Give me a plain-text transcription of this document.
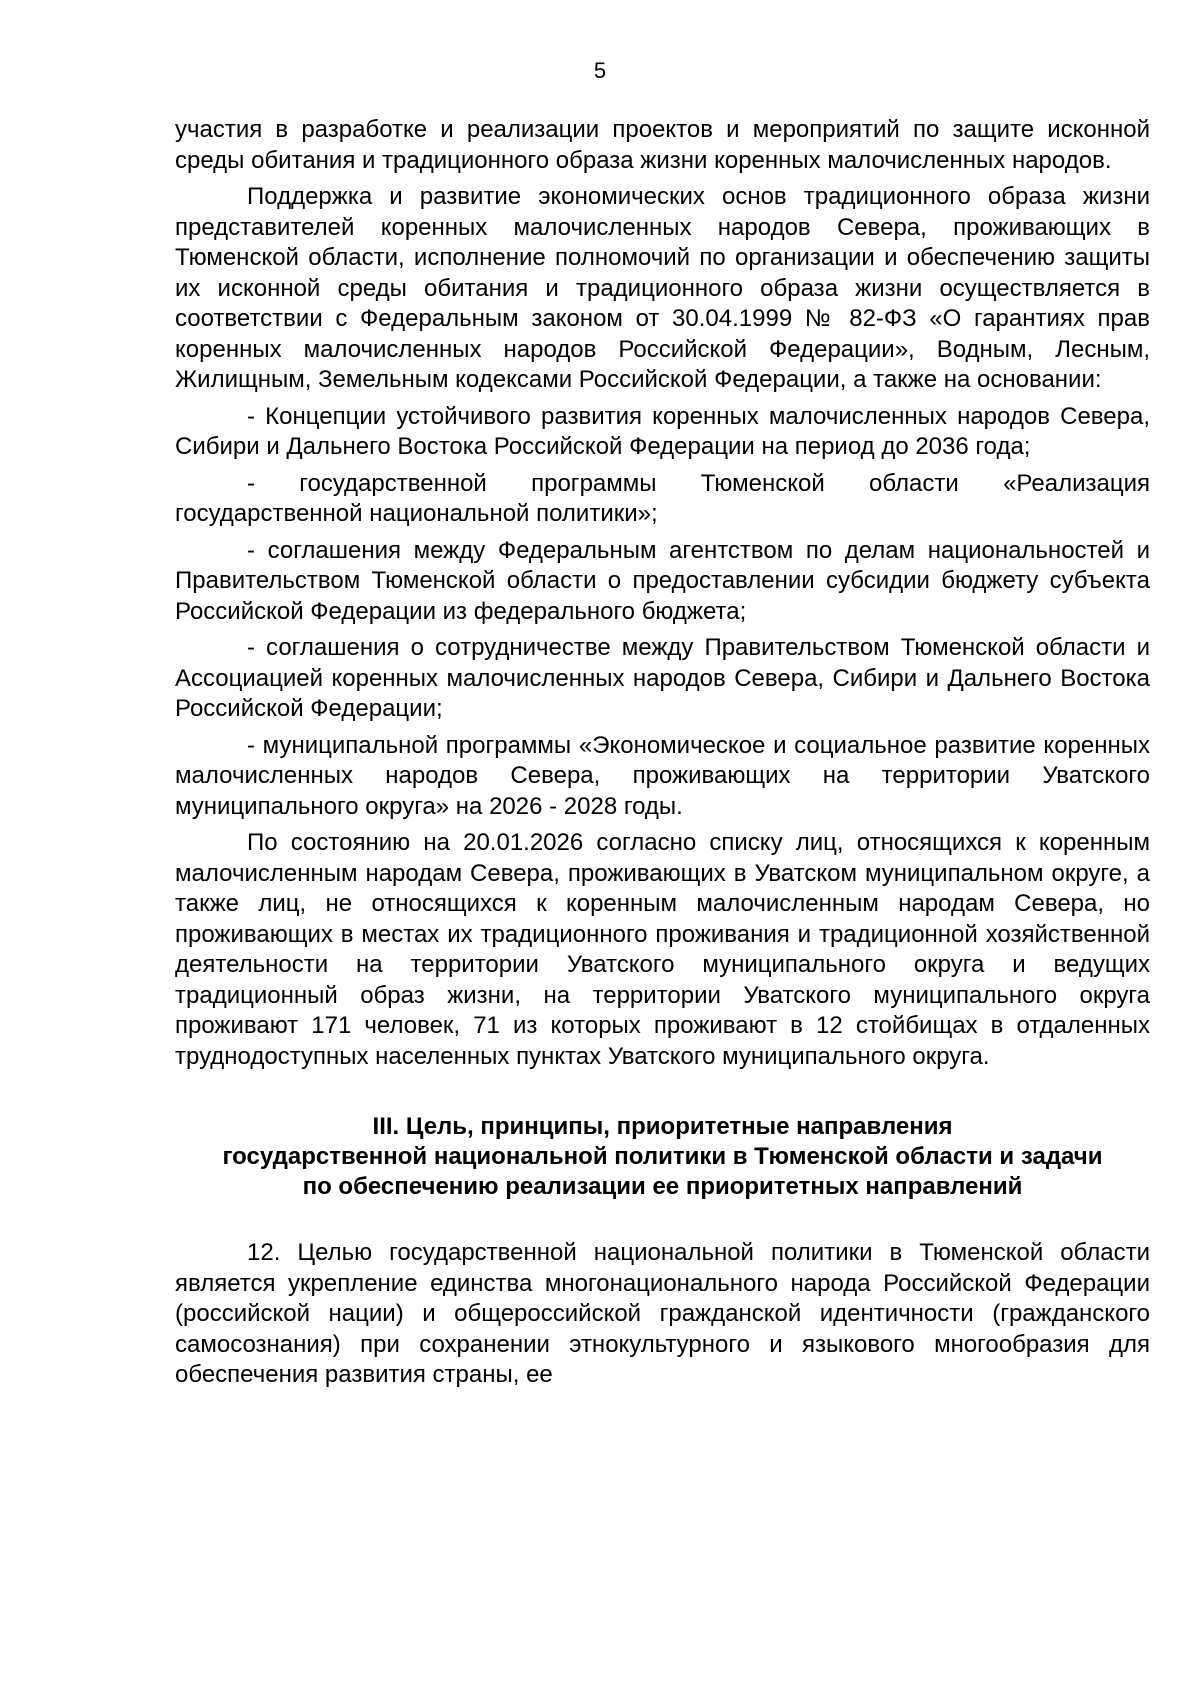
5

участия в разработке и реализации проектов и мероприятий по защите исконной среды обитания и традиционного образа жизни коренных малочисленных народов.

Поддержка и развитие экономических основ традиционного образа жизни представителей коренных малочисленных народов Севера, проживающих в Тюменской области, исполнение полномочий по организации и обеспечению защиты их исконной среды обитания и традиционного образа жизни осуществляется в соответствии с Федеральным законом от 30.04.1999 № 82-ФЗ «О гарантиях прав коренных малочисленных народов Российской Федерации», Водным, Лесным, Жилищным, Земельным кодексами Российской Федерации, а также на основании:

- Концепции устойчивого развития коренных малочисленных народов Севера, Сибири и Дальнего Востока Российской Федерации на период до 2036 года;

- государственной программы Тюменской области «Реализация государственной национальной политики»;

- соглашения между Федеральным агентством по делам национальностей и Правительством Тюменской области о предоставлении субсидии бюджету субъекта Российской Федерации из федерального бюджета;

- соглашения о сотрудничестве между Правительством Тюменской области и Ассоциацией коренных малочисленных народов Севера, Сибири и Дальнего Востока Российской Федерации;

- муниципальной программы «Экономическое и социальное развитие коренных малочисленных народов Севера, проживающих на территории Уватского муниципального округа» на 2026 - 2028 годы.

По состоянию на 20.01.2026 согласно списку лиц, относящихся к коренным малочисленным народам Севера, проживающих в Уватском муниципальном округе, а также лиц, не относящихся к коренным малочисленным народам Севера, но проживающих в местах их традиционного проживания и традиционной хозяйственной деятельности на территории Уватского муниципального округа и ведущих традиционный образ жизни, на территории Уватского муниципального округа проживают 171 человек, 71 из которых проживают в 12 стойбищах в отдаленных труднодоступных населенных пунктах Уватского муниципального округа.

III. Цель, принципы, приоритетные направления
государственной национальной политики в Тюменской области и задачи
по обеспечению реализации ее приоритетных направлений

12. Целью государственной национальной политики в Тюменской области является укрепление единства многонационального народа Российской Федерации (российской нации) и общероссийской гражданской идентичности (гражданского самосознания) при сохранении этнокультурного и языкового многообразия для обеспечения развития страны, ее
